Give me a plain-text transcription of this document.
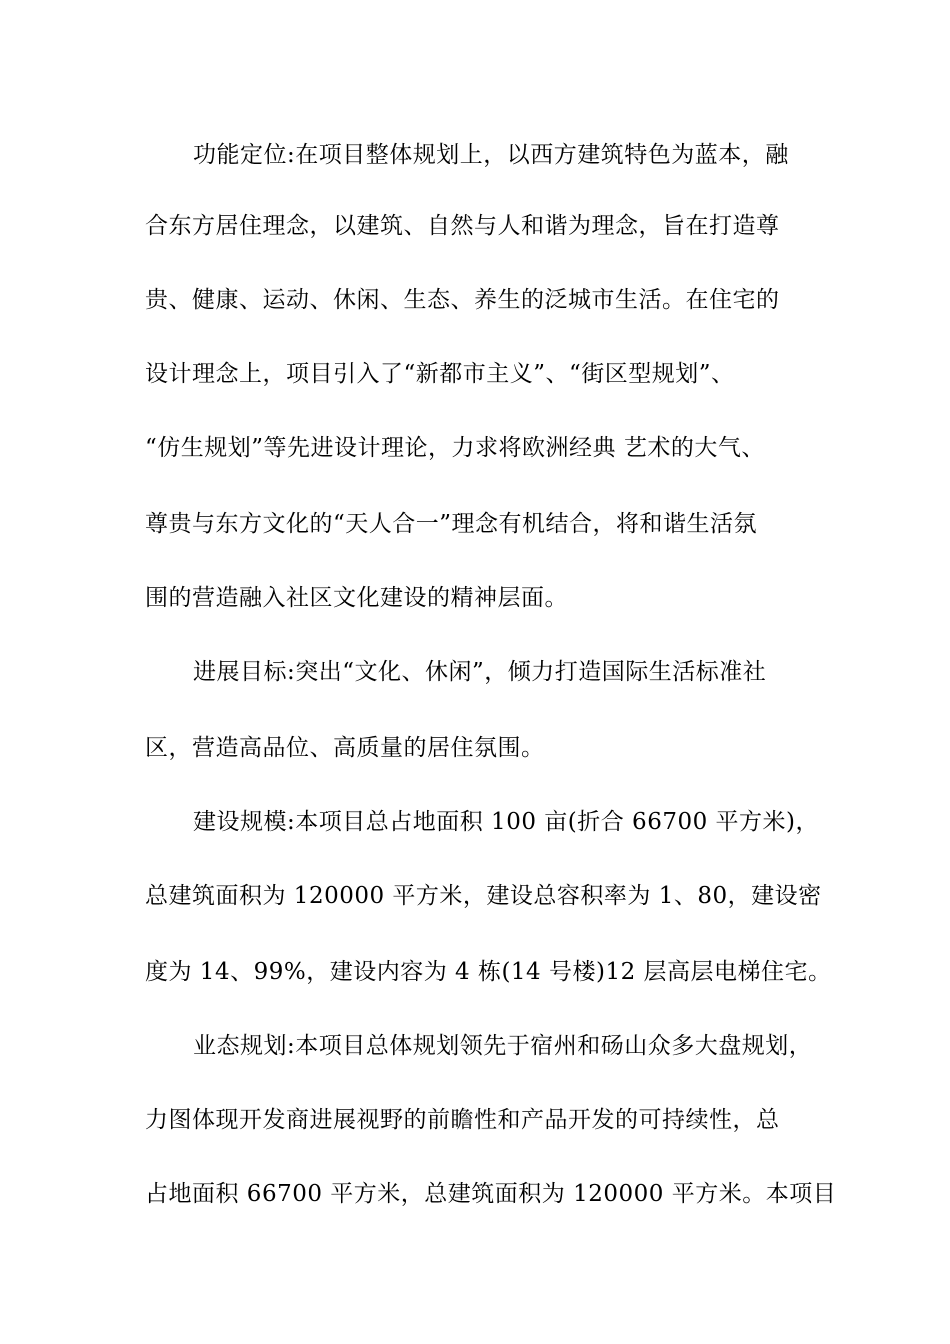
功能定位:在项目整体规划上，以西方建筑特色为蓝本，融
合东方居住理念，以建筑、自然与人和谐为理念，旨在打造尊
贵、健康、运动、休闲、生态、养生的泛城市生活。在住宅的
设计理念上，项目引入了“新都市主义”、“街区型规划”、
“仿生规划”等先进设计理论，力求将欧洲经典 艺术的大气、
尊贵与东方文化的“天人合一”理念有机结合，将和谐生活氛
围的营造融入社区文化建设的精神层面。
进展目标:突出“文化、休闲”，倾力打造国际生活标准社
区，营造高品位、高质量的居住氛围。
建设规模:本项目总占地面积 100 亩(折合 66700 平方米)，
总建筑面积为 120000 平方米，建设总容积率为 1、80，建设密
度为 14、99%，建设内容为 4 栋(14 号楼)12 层高层电梯住宅。
业态规划:本项目总体规划领先于宿州和砀山众多大盘规划，
力图体现开发商进展视野的前瞻性和产品开发的可持续性，总
占地面积 66700 平方米，总建筑面积为 120000 平方米。本项目
